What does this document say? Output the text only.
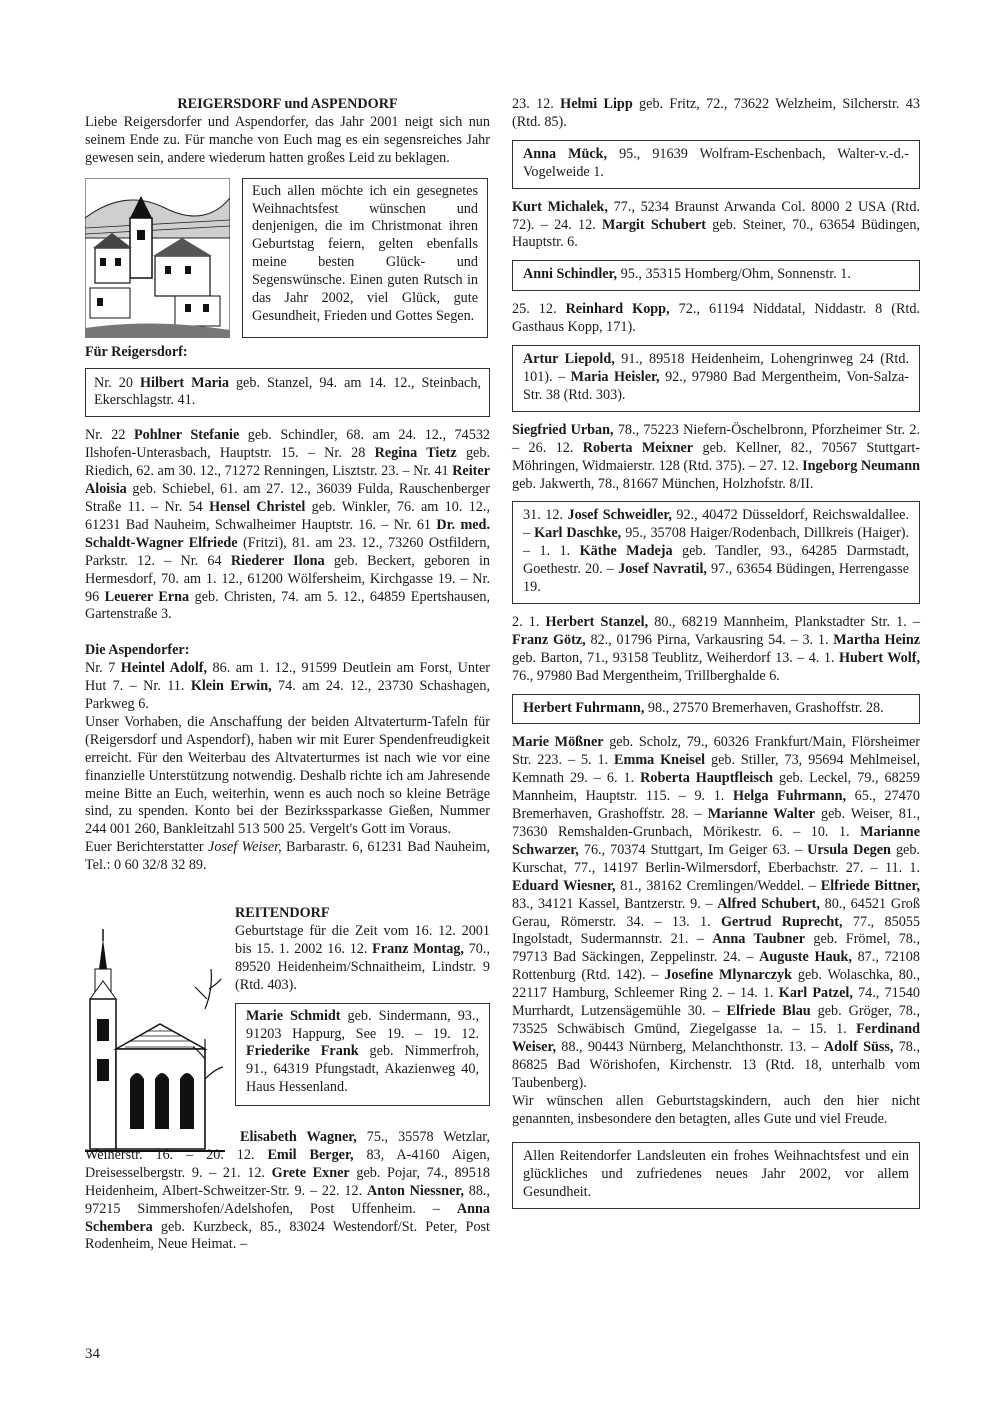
REIGERSDORF und ASPENDORF

Liebe Reigersdorfer und Aspendorfer, das Jahr 2001 neigt sich nun seinem Ende zu. Für manche von Euch mag es ein segensreiches Jahr gewesen sein, andere wiederum hatten großes Leid zu beklagen.

Euch allen möchte ich ein gesegnetes Weihnachtsfest wünschen und denjenigen, die im Christmonat ihren Geburtstag feiern, gelten ebenfalls meine besten Glück- und Segenswünsche. Einen guten Rutsch in das Jahr 2002, viel Glück, gute Gesundheit, Frieden und Gottes Segen.

Für Reigersdorf:

Nr. 20 Hilbert Maria geb. Stanzel, 94. am 14. 12., Steinbach, Ekerschlagstr. 41.

Nr. 22 Pohlner Stefanie geb. Schindler, 68. am 24. 12., 74532 Ilshofen-Unterasbach, Hauptstr. 15. – Nr. 28 Regina Tietz geb. Riedich, 62. am 30. 12., 71272 Renningen, Lisztstr. 23. – Nr. 41 Reiter Aloisia geb. Schiebel, 61. am 27. 12., 36039 Fulda, Rauschenberger Straße 11. – Nr. 54 Hensel Christel geb. Winkler, 76. am 10. 12., 61231 Bad Nauheim, Schwalheimer Hauptstr. 16. – Nr. 61 Dr. med. Schaldt-Wagner Elfriede (Fritzi), 81. am 23. 12., 73260 Ostfildern, Parkstr. 12. – Nr. 64 Riederer Ilona geb. Beckert, geboren in Hermesdorf, 70. am 1. 12., 61200 Wölfersheim, Kirchgasse 19. – Nr. 96 Leuerer Erna geb. Christen, 74. am 5. 12., 64859 Epertshausen, Gartenstraße 3.

Die Aspendorfer:

Nr. 7 Heintel Adolf, 86. am 1. 12., 91599 Deutlein am Forst, Unter Hut 7. – Nr. 11. Klein Erwin, 74. am 24. 12., 23730 Schashagen, Parkweg 6.

Unser Vorhaben, die Anschaffung der beiden Altvaterturm-Tafeln für (Reigersdorf und Aspendorf), haben wir mit Eurer Spendenfreudigkeit erreicht. Für den Weiterbau des Altvaterturmes ist nach wie vor eine finanzielle Unterstützung notwendig. Deshalb richte ich am Jahresende meine Bitte an Euch, weiterhin, wenn es auch noch so kleine Beträge sind, zu spenden. Konto bei der Bezirkssparkasse Gießen, Nummer 244 001 260, Bankleitzahl 513 500 25. Vergelt's Gott im Voraus.

Euer Berichterstatter Josef Weiser, Barbarastr. 6, 61231 Bad Nauheim, Tel.: 0 60 32/8 32 89.

REITENDORF

Geburtstage für die Zeit vom 16. 12. 2001 bis 15. 1. 2002 16. 12. Franz Montag, 70., 89520 Heidenheim/Schnaitheim, Lindstr. 9 (Rtd. 403).

Marie Schmidt geb. Sindermann, 93., 91203 Happurg, See 19. – 19. 12. Friederike Frank geb. Nimmerfroh, 91., 64319 Pfungstadt, Akazienweg 40, Haus Hessenland.

Elisabeth Wagner, 75., 35578 Wetzlar, Weiherstr. 16. – 20. 12. Emil Berger, 83, A-4160 Aigen, Dreisesselbergstr. 9. – 21. 12. Grete Exner geb. Pojar, 74., 89518 Heidenheim, Albert-Schweitzer-Str. 9. – 22. 12. Anton Niessner, 88., 97215 Simmershofen/Adelshofen, Post Uffenheim. – Anna Schembera geb. Kurzbeck, 85., 83024 Westendorf/St. Peter, Post Rodenheim, Neue Heimat. –

34

23. 12. Helmi Lipp geb. Fritz, 72., 73622 Welzheim, Silcherstr. 43 (Rtd. 85).

Anna Mück, 95., 91639 Wolfram-Eschenbach, Walter-v.-d.-Vogelweide 1.

Kurt Michalek, 77., 5234 Braunst Arwanda Col. 8000 2 USA (Rtd. 72). – 24. 12. Margit Schubert geb. Steiner, 70., 63654 Büdingen, Hauptstr. 6.

Anni Schindler, 95., 35315 Homberg/Ohm, Sonnenstr. 1.

25. 12. Reinhard Kopp, 72., 61194 Niddatal, Niddastr. 8 (Rtd. Gasthaus Kopp, 171).

Artur Liepold, 91., 89518 Heidenheim, Lohengrinweg 24 (Rtd. 101). – Maria Heisler, 92., 97980 Bad Mergentheim, Von-Salza-Str. 38 (Rtd. 303).

Siegfried Urban, 78., 75223 Niefern-Öschelbronn, Pforzheimer Str. 2. – 26. 12. Roberta Meixner geb. Kellner, 82., 70567 Stuttgart-Möhringen, Widmaierstr. 128 (Rtd. 375). – 27. 12. Ingeborg Neumann geb. Jakwerth, 78., 81667 München, Holzhofstr. 8/II.

31. 12. Josef Schweidler, 92., 40472 Düsseldorf, Reichswaldallee. – Karl Daschke, 95., 35708 Haiger/Rodenbach, Dillkreis (Haiger). – 1. 1. Käthe Madeja geb. Tandler, 93., 64285 Darmstadt, Goethestr. 20. – Josef Navratil, 97., 63654 Büdingen, Herrengasse 19.

2. 1. Herbert Stanzel, 80., 68219 Mannheim, Plankstadter Str. 1. – Franz Götz, 82., 01796 Pirna, Varkausring 54. – 3. 1. Martha Heinz geb. Barton, 71., 93158 Teublitz, Weiherdorf 13. – 4. 1. Hubert Wolf, 76., 97980 Bad Mergentheim, Trillberghalde 6.

Herbert Fuhrmann, 98., 27570 Bremerhaven, Grashoffstr. 28.

Marie Mößner geb. Scholz, 79., 60326 Frankfurt/Main, Flörsheimer Str. 223. – 5. 1. Emma Kneisel geb. Stiller, 73, 95694 Mehlmeisel, Kemnath 29. – 6. 1. Roberta Hauptfleisch geb. Leckel, 79., 68259 Mannheim, Hauptstr. 115. – 9. 1. Helga Fuhrmann, 65., 27470 Bremerhaven, Grashoffstr. 28. – Marianne Walter geb. Weiser, 81., 73630 Remshalden-Grunbach, Mörikestr. 6. – 10. 1. Marianne Schwarzer, 76., 70374 Stuttgart, Im Geiger 63. – Ursula Degen geb. Kurschat, 77., 14197 Berlin-Wilmersdorf, Eberbachstr. 27. – 11. 1. Eduard Wiesner, 81., 38162 Cremlingen/Weddel. – Elfriede Bittner, 83., 34121 Kassel, Bantzerstr. 9. – Alfred Schubert, 80., 64521 Groß Gerau, Römerstr. 34. – 13. 1. Gertrud Ruprecht, 77., 85055 Ingolstadt, Sudermannstr. 21. – Anna Taubner geb. Frömel, 78., 79713 Bad Säckingen, Zeppelinstr. 24. – Auguste Hauk, 87., 72108 Rottenburg (Rtd. 142). – Josefine Mlynarczyk geb. Wolaschka, 80., 22117 Hamburg, Schleemer Ring 2. – 14. 1. Karl Patzel, 74., 71540 Murrhardt, Lutzensägemühle 30. – Elfriede Blau geb. Gröger, 78., 73525 Schwäbisch Gmünd, Ziegelgasse 1a. – 15. 1. Ferdinand Weiser, 88., 90443 Nürnberg, Melanchthonstr. 13. – Adolf Süss, 78., 86825 Bad Wörishofen, Kirchenstr. 13 (Rtd. 18, unterhalb vom Taubenberg).

Wir wünschen allen Geburtstagskindern, auch den hier nicht genannten, insbesondere den betagten, alles Gute und viel Freude.

Allen Reitendorfer Landsleuten ein frohes Weihnachtsfest und ein glückliches und zufriedenes neues Jahr 2002, vor allem Gesundheit.
